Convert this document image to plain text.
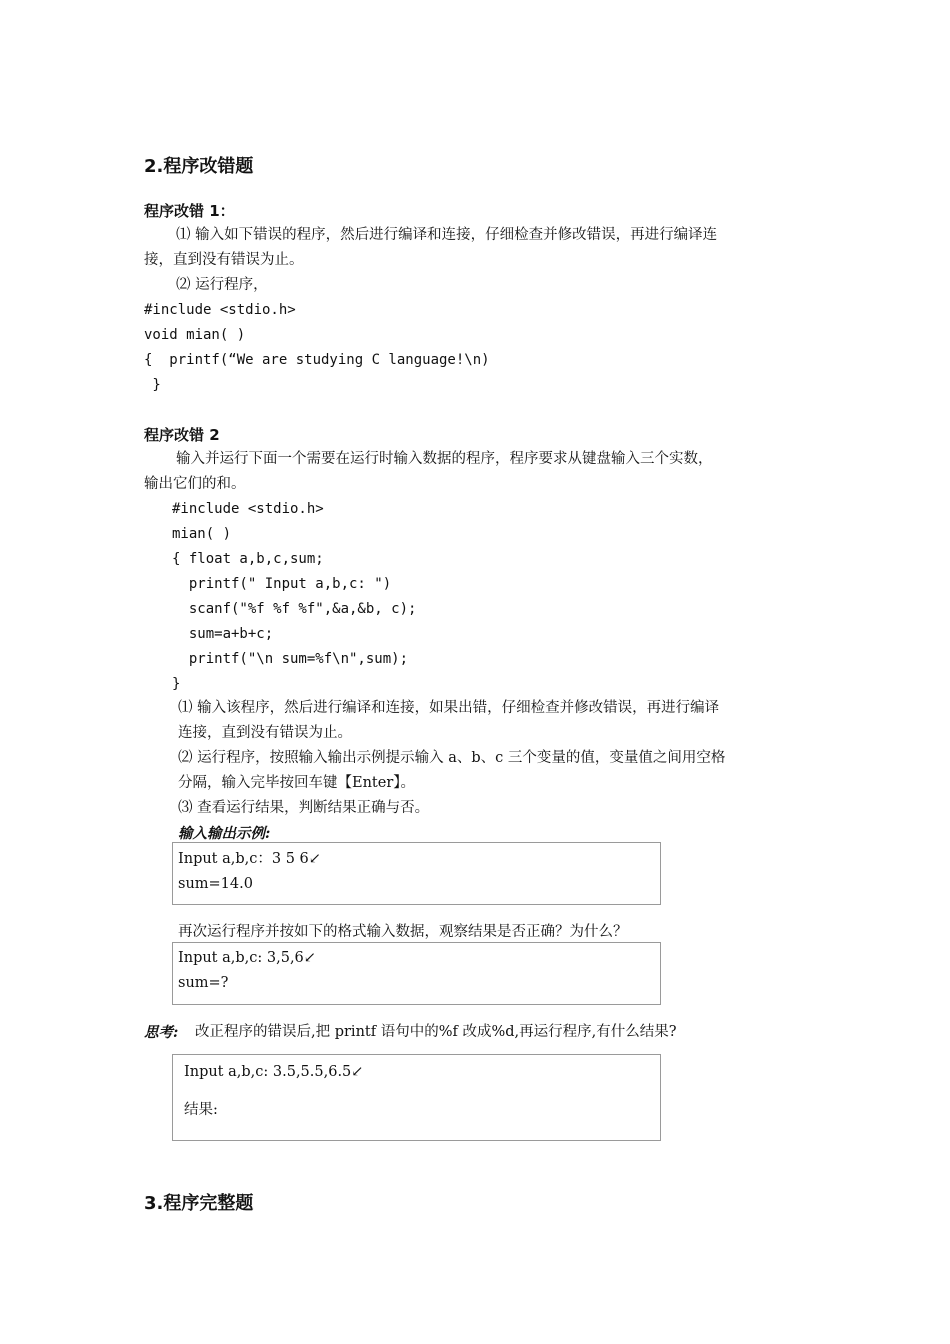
2.程序改错题
程序改错 1：
⑴ 输入如下错误的程序，然后进行编译和连接，仔细检查并修改错误，再进行编译连
接，直到没有错误为止。
⑵ 运行程序，
#include <stdio.h>
void mian( )
{  printf(“We are studying C language!\n)
}
程序改错 2
输入并运行下面一个需要在运行时输入数据的程序，程序要求从键盘输入三个实数，
输出它们的和。
#include <stdio.h>
mian( )
{ float a,b,c,sum;
printf(" Input a,b,c: ")
scanf("%f %f %f",&a,&b, c);
sum=a+b+c;
printf("\n sum=%f\n",sum);
}
⑴ 输入该程序，然后进行编译和连接，如果出错，仔细检查并修改错误，再进行编译
连接，直到没有错误为止。
⑵ 运行程序，按照输入输出示例提示输入 a、b、c 三个变量的值，变量值之间用空格
分隔，输入完毕按回车键【Enter】。
⑶ 查看运行结果，判断结果正确与否。
输入输出示例:
Input a,b,c：3 5 6↙
sum=14.0
再次运行程序并按如下的格式输入数据，观察结果是否正确？为什么？
Input a,b,c: 3,5,6↙
sum=?
思考: 改正程序的错误后,把 printf 语句中的%f 改成%d,再运行程序,有什么结果?
Input a,b,c: 3.5,5.5,6.5↙
结果:
3.程序完整题
